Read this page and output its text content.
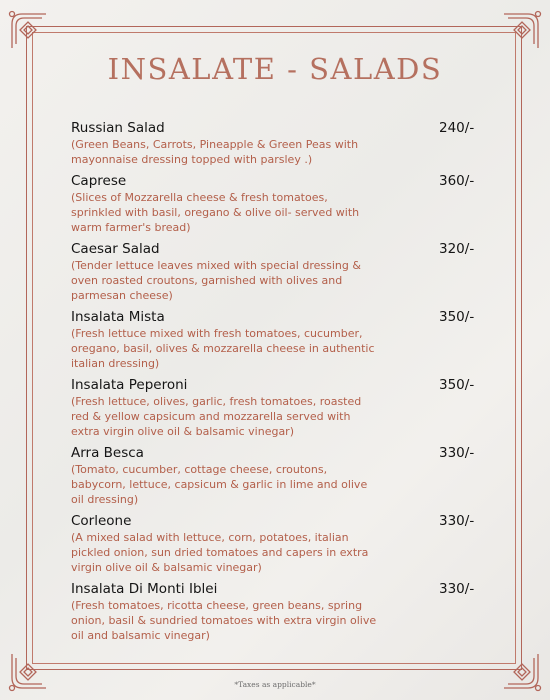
INSALATE - SALADS
Russian Salad	240/-
(Green Beans, Carrots, Pineapple & Green Peas with mayonnaise dressing topped with parsley .)
Caprese	360/-
(Slices of Mozzarella cheese & fresh tomatoes, sprinkled with basil, oregano & olive oil- served with warm farmer's bread)
Caesar Salad	320/-
(Tender lettuce leaves mixed with special dressing & oven roasted croutons, garnished with olives and parmesan cheese)
Insalata Mista	350/-
(Fresh lettuce mixed with fresh tomatoes, cucumber, oregano, basil, olives & mozzarella cheese in authentic italian dressing)
Insalata Peperoni	350/-
(Fresh lettuce, olives, garlic, fresh tomatoes, roasted red & yellow capsicum and mozzarella served with extra virgin olive oil & balsamic vinegar)
Arra Besca	330/-
(Tomato, cucumber, cottage cheese, croutons, babycorn, lettuce, capsicum & garlic in lime and olive oil dressing)
Corleone	330/-
(A mixed salad with lettuce, corn, potatoes, italian pickled onion, sun dried tomatoes and capers in extra virgin olive oil & balsamic vinegar)
Insalata Di Monti Iblei	330/-
(Fresh tomatoes, ricotta cheese, green beans, spring onion, basil & sundried tomatoes with extra virgin olive oil and balsamic vinegar)
*Taxes as applicable*
